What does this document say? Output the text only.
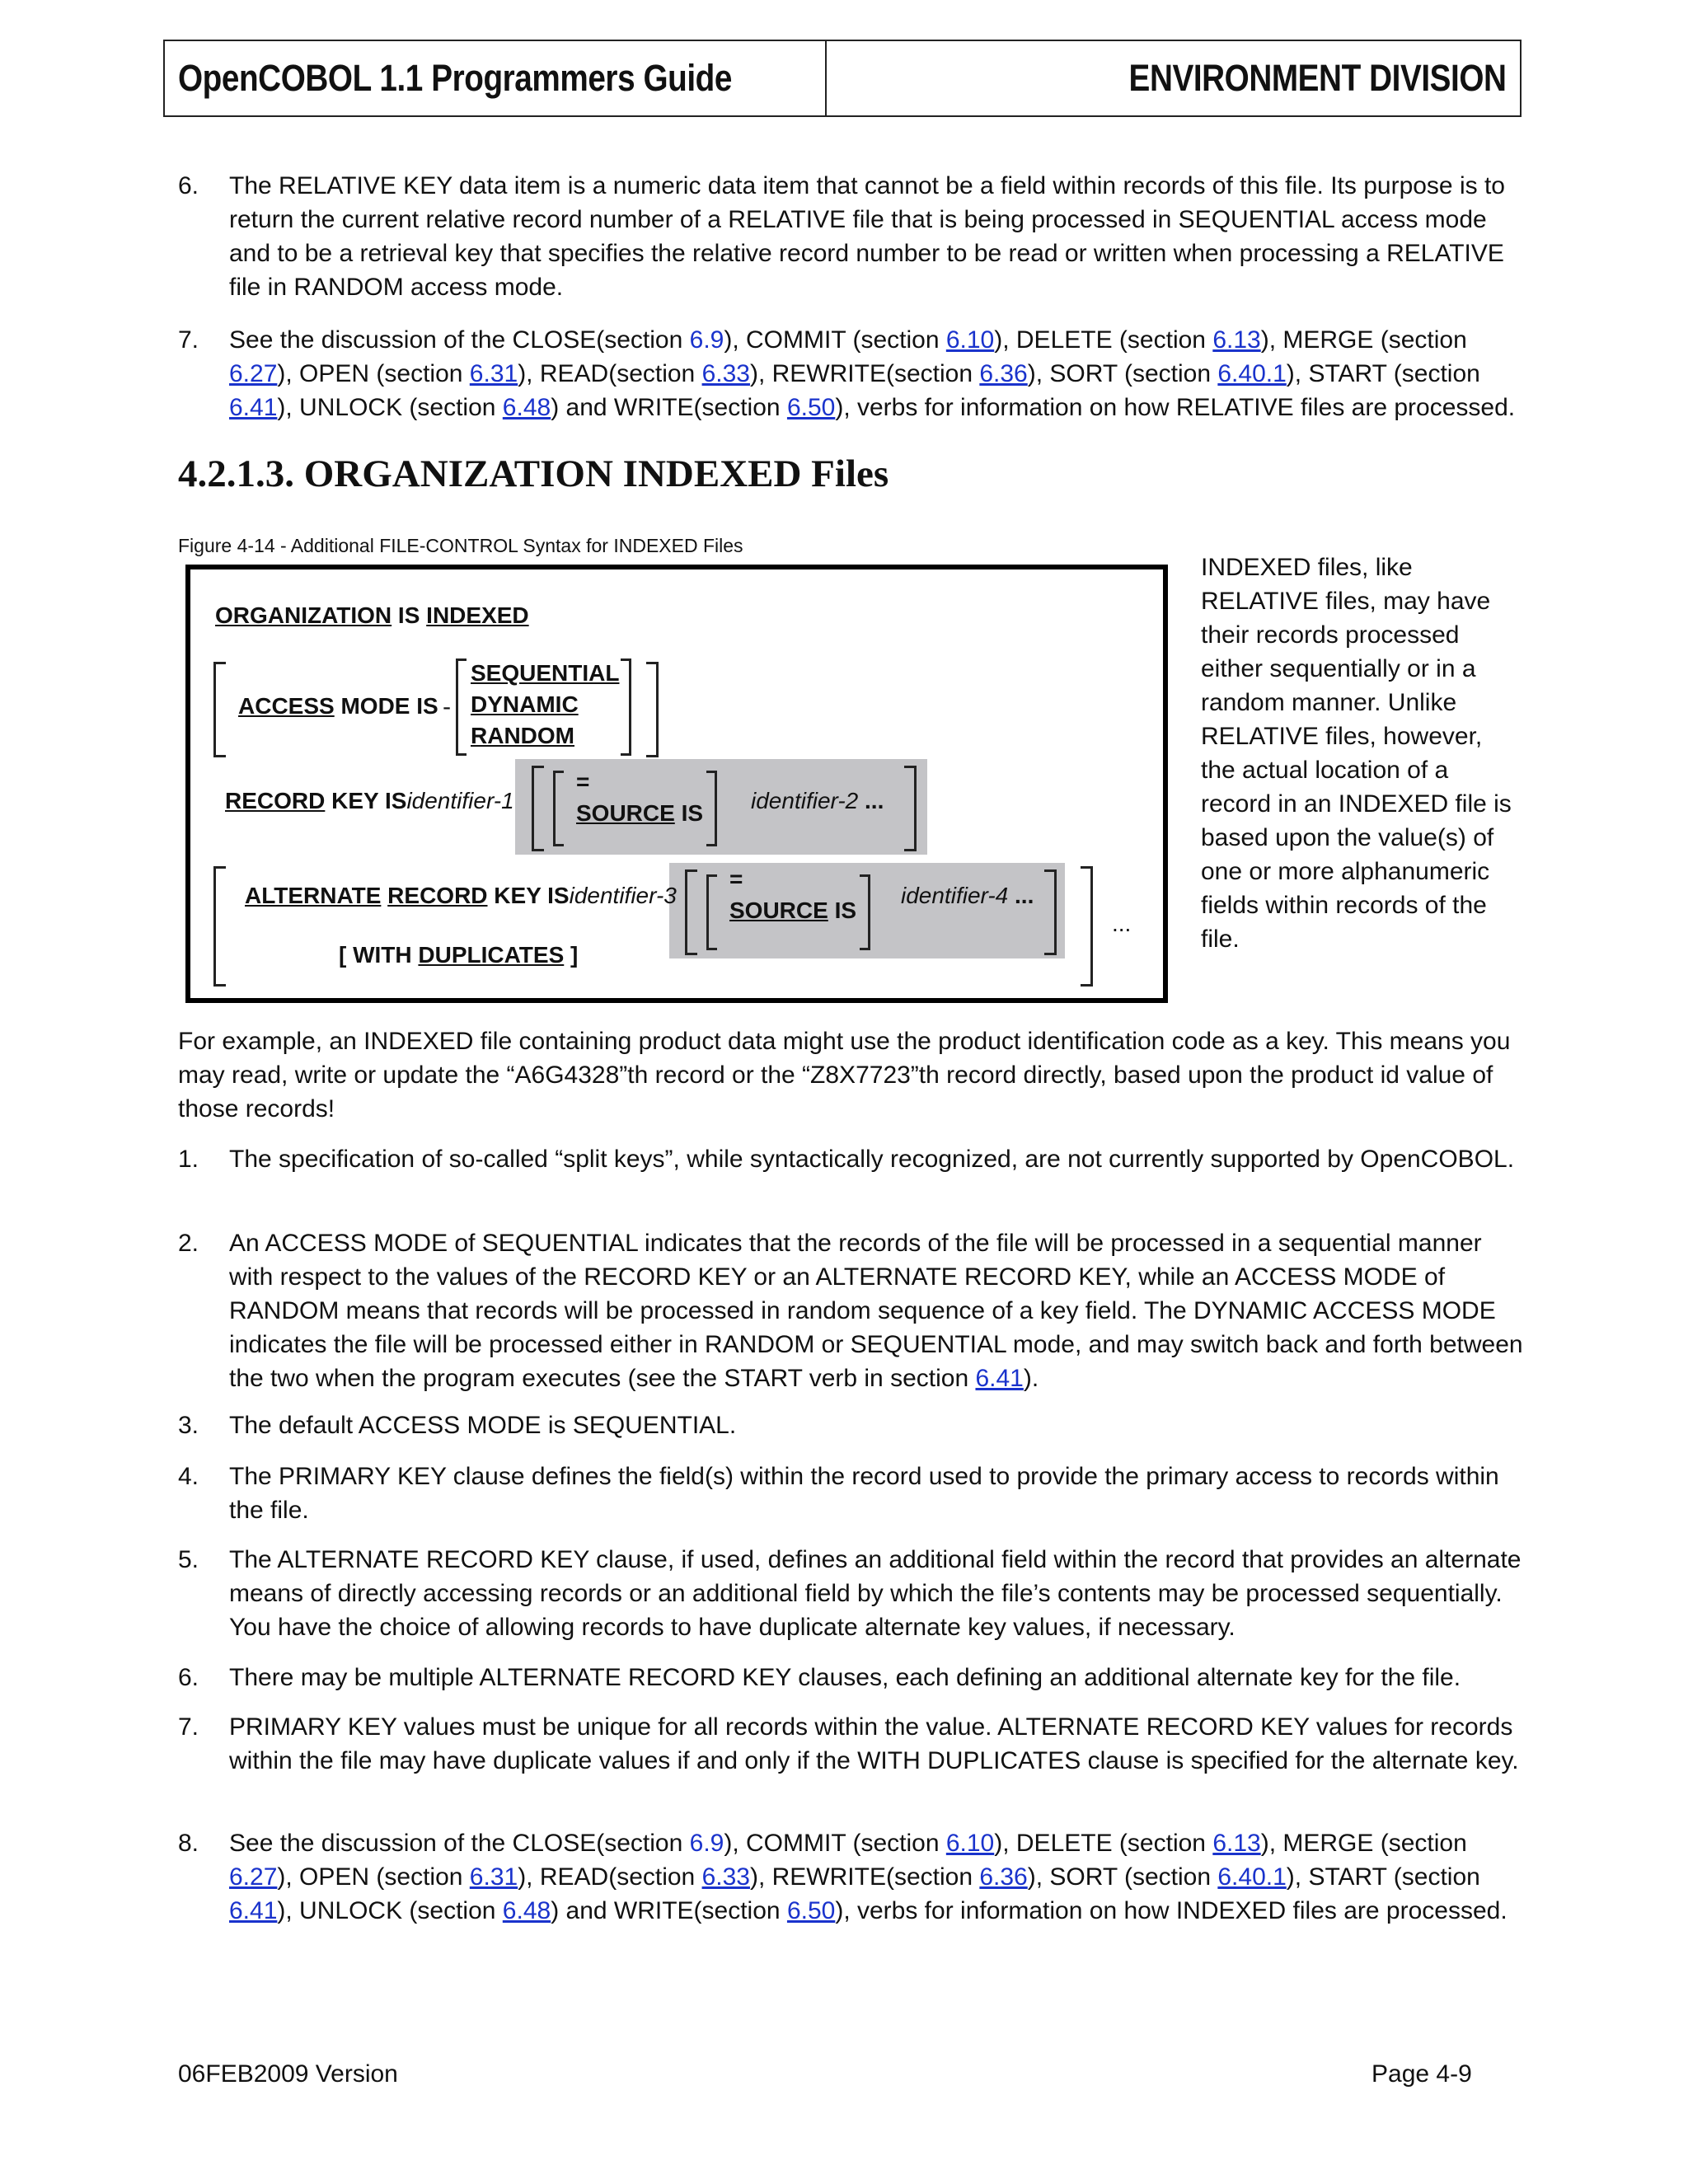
OpenCOBOL 1.1 Programmers Guide	ENVIRONMENT DIVISION
6.	The RELATIVE KEY data item is a numeric data item that cannot be a field within records of this file. Its purpose is to return the current relative record number of a RELATIVE file that is being processed in SEQUENTIAL access mode and to be a retrieval key that specifies the relative record number to be read or written when processing a RELATIVE file in RANDOM access mode.
7.	See the discussion of the CLOSE(section 6.9), COMMIT (section 6.10), DELETE (section 6.13), MERGE (section 6.27), OPEN (section 6.31), READ(section 6.33), REWRITE(section 6.36), SORT (section 6.40.1), START (section 6.41), UNLOCK (section 6.48) and WRITE(section 6.50), verbs for information on how RELATIVE files are processed.
4.2.1.3. ORGANIZATION INDEXED Files
Figure 4-14 - Additional FILE-CONTROL Syntax for INDEXED Files
ORGANIZATION IS INDEXED
ACCESS MODE IS -
SEQUENTIAL
DYNAMIC
RANDOM
RECORD KEY ISidentifier-1
=
SOURCE IS identifier-2 ...
ALTERNATE RECORD KEY ISidentifier-3
=
SOURCE IS
identifier-4 ...
[ WITH DUPLICATES ]
...
INDEXED files, like RELATIVE files, may have their records processed either sequentially or in a random manner. Unlike RELATIVE files, however, the actual location of a record in an INDEXED file is based upon the value(s) of one or more alphanumeric fields within records of the file.
For example, an INDEXED file containing product data might use the product identification code as a key. This means you may read, write or update the “A6G4328”th record or the “Z8X7723”th record directly, based upon the product id value of those records!
1.	The specification of so-called “split keys”, while syntactically recognized, are not currently supported by OpenCOBOL.
2.	An ACCESS MODE of SEQUENTIAL indicates that the records of the file will be processed in a sequential manner with respect to the values of the RECORD KEY or an ALTERNATE RECORD KEY, while an ACCESS MODE of RANDOM means that records will be processed in random sequence of a key field. The DYNAMIC ACCESS MODE indicates the file will be processed either in RANDOM or SEQUENTIAL mode, and may switch back and forth between the two when the program executes (see the START verb in section 6.41).
3.	The default ACCESS MODE is SEQUENTIAL.
4.	The PRIMARY KEY clause defines the field(s) within the record used to provide the primary access to records within the file.
5.	The ALTERNATE RECORD KEY clause, if used, defines an additional field within the record that provides an alternate means of directly accessing records or an additional field by which the file’s contents may be processed sequentially. You have the choice of allowing records to have duplicate alternate key values, if necessary.
6.	There may be multiple ALTERNATE RECORD KEY clauses, each defining an additional alternate key for the file.
7.	PRIMARY KEY values must be unique for all records within the value. ALTERNATE RECORD KEY values for records within the file may have duplicate values if and only if the WITH DUPLICATES clause is specified for the alternate key.
8.	See the discussion of the CLOSE(section 6.9), COMMIT (section 6.10), DELETE (section 6.13), MERGE (section 6.27), OPEN (section 6.31), READ(section 6.33), REWRITE(section 6.36), SORT (section 6.40.1), START (section 6.41), UNLOCK (section 6.48) and WRITE(section 6.50), verbs for information on how INDEXED files are processed.
06FEB2009 Version	Page 4-9
